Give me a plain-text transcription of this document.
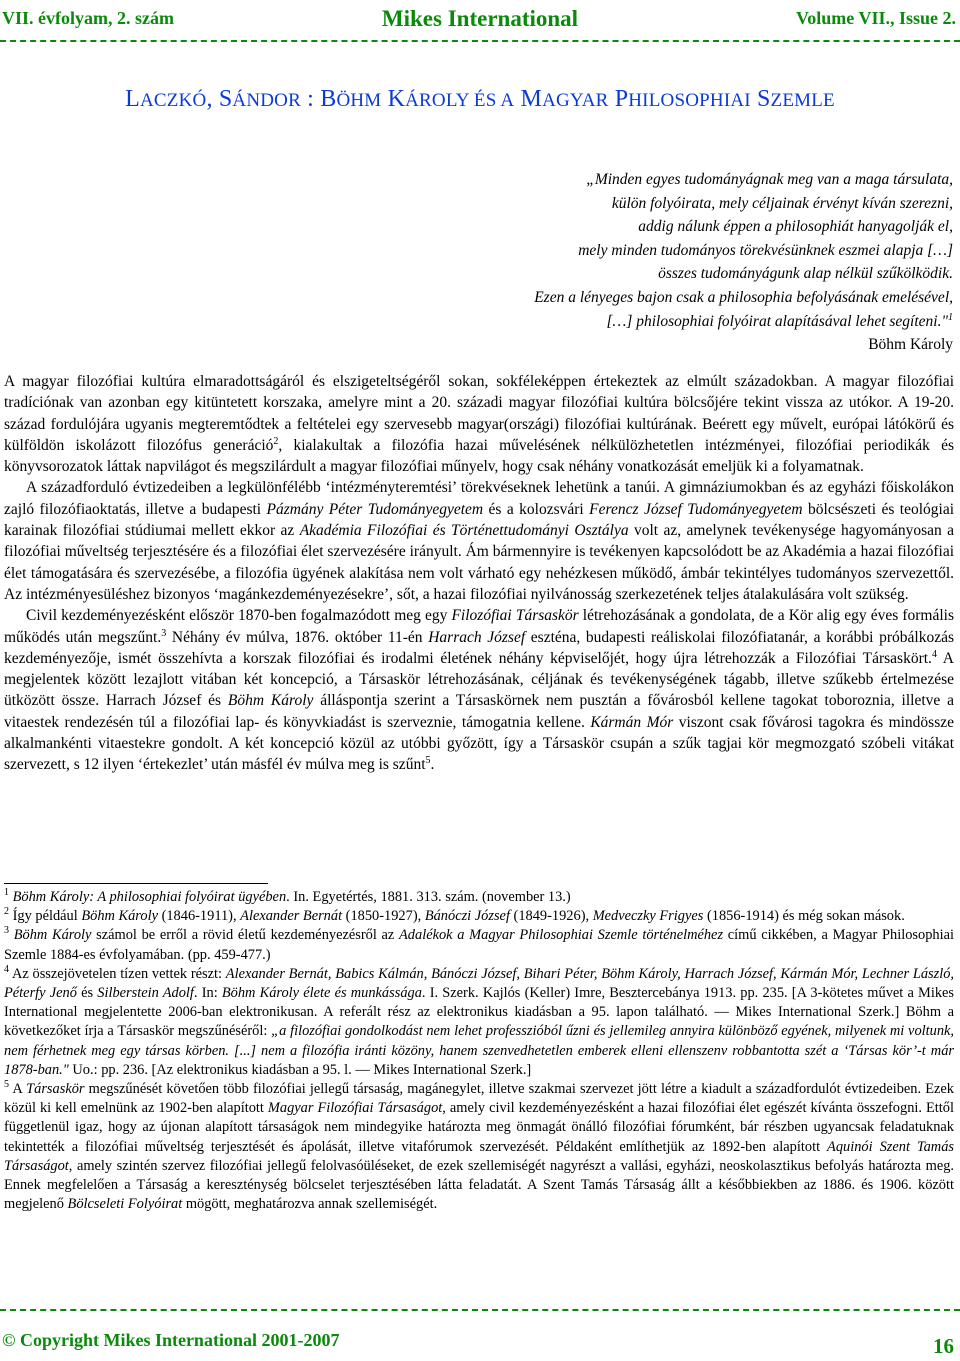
VII. évfolyam, 2. szám	Mikes International	Volume VII., Issue 2.
LACZKÓ, SÁNDOR : BÖHM KÁROLY ÉS A MAGYAR PHILOSOPHIAI SZEMLE
„Minden egyes tudományágnak meg van a maga társulata,
külön folyóirata, mely céljainak érvényt kíván szerezni,
addig nálunk éppen a philosophiát hanyagolják el,
mely minden tudományos törekvésünknek eszmei alapja […]
összes tudományágunk alap nélkül szűkölködik.
Ezen a lényeges bajon csak a philosophia befolyásának emelésével,
[…] philosophiai folyóirat alapításával lehet segíteni."$^1$
Böhm Károly

A magyar filozófiai kultúra elmaradottságáról és elszigeteltségéről sokan, sokféleképpen értekeztek az elmúlt századokban. A magyar filozófiai tradíciónak van azonban egy kitüntetett korszaka, amelyre mint a 20. századi magyar filozófiai kultúra bölcsőjére tekint vissza az utókor. A 19-20. század fordulójára ugyanis megteremtődtek a feltételei egy szervesebb magyar(országi) filozófiai kultúrának. Beérett egy művelt, európai látókörű és külföldön iskolázott filozófus generáció$^2$, kialakultak a filozófia hazai művelésének nélkülözhetetlen intézményei, filozófiai periodikák és könyvsorozatok láttak napvilágot és megszilárdult a magyar filozófiai műnyelv, hogy csak néhány vonatkozását emeljük ki a folyamatnak.

A századforduló évtizedeiben a legkülönfélébb ʻintézményteremtési’ törekvéseknek lehetünk a tanúi. A gimnáziumokban és az egyházi főiskolákon zajló filozófiaoktatás, illetve a budapesti Pázmány Péter Tudományegyetem és a kolozsvári Ferencz József Tudományegyetem bölcsészeti és teológiai karainak filozófiai stúdiumai mellett ekkor az Akadémia Filozófiai és Történettudományi Osztálya volt az, amelynek tevékenysége hagyományosan a filozófiai műveltség terjesztésére és a filozófiai élet szervezésére irányult. Ám bármennyire is tevékenyen kapcsolódott be az Akadémia a hazai filozófiai élet támogatására és szervezésébe, a filozófia ügyének alakítása nem volt várható egy nehézkesen működő, ámbár tekintélyes tudományos szervezettől. Az intézményesüléshez bizonyos ʻmagánkezdeményezésekre’, sőt, a hazai filozófiai nyilvánosság szerkezetének teljes átalakulására volt szükség.

Civil kezdeményezésként először 1870-ben fogalmazódott meg egy Filozófiai Társaskör létrehozásának a gondolata, de a Kör alig egy éves formális működés után megszűnt.$^3$ Néhány év múlva, 1876. október 11-én Harrach József eszténa, budapesti reáliskolai filozófiatanár, a korábbi próbálkozás kezdeményezője, ismét összehívta a korszak filozófiai és irodalmi életének néhány képviselőjét, hogy újra létrehozzák a Filozófiai Társaskört.$^4$ A megjelentek között lezajlott vitában két koncepció, a Társaskör létrehozásának, céljának és tevékenységének tágabb, illetve szűkebb értelmezése ütközött össze. Harrach József és Böhm Károly álláspontja szerint a Társaskörnek nem pusztán a fővárosból kellene tagokat toboroznia, illetve a vitaestek rendezésén túl a filozófiai lap- és könyvkiadást is szerveznie, támogatnia kellene. Kármán Mór viszont csak fővárosi tagokra és mindössze alkalmankénti vitaestekre gondolt. A két koncepció közül az utóbbi győzött, így a Társaskör csupán a szűk tagjai kör megmozgató szóbeli vitákat szervezett, s 12 ilyen ʻértekezlet’ után másfél év múlva meg is szűnt$^5$.

$^1$ Böhm Károly: A philosophiai folyóirat ügyében. In. Egyetértés, 1881. 313. szám. (november 13.)

$^2$ Így például Böhm Károly (1846-1911), Alexander Bernát (1850-1927), Bánóczi József (1849-1926), Medveczky Frigyes (1856-1914) és még sokan mások.

$^3$ Böhm Károly számol be erről a rövid életű kezdeményezésről az Adalékok a Magyar Philosophiai Szemle történelméhez című cikkében, a Magyar Philosophiai Szemle 1884-es évfolyamában. (pp. 459-477.)

$^4$ Az összejövetelen tízen vettek részt: Alexander Bernát, Babics Kálmán, Bánóczi József, Bihari Péter, Böhm Károly, Harrach József, Kármán Mór, Lechner László, Péterfy Jenő és Silberstein Adolf. In: Böhm Károly élete és munkássága. I. Szerk. Kajlós (Keller) Imre, Besztercebánya 1913. pp. 235. [A 3-kötetes művet a Mikes International megjelentette 2006-ban elektronikusan. A referált rész az elektronikus kiadásban a 95. lapon található. — Mikes International Szerk.] Böhm a következőket írja a Társaskör megszűnéséről: „a filozófiai gondolkodást nem lehet professzióból űzni és jellemileg annyira különböző egyének, milyenek mi voltunk, nem férhetnek meg egy társas körben. [...] nem a filozófia iránti közöny, hanem szenvedhetetlen emberek elleni ellenszenv robbantotta szét a ʻTársas kör’-t már 1878-ban." Uo.: pp. 236. [Az elektronikus kiadásban a 95. l. — Mikes International Szerk.]

$^5$ A Társaskör megszűnését követően több filozófiai jellegű társaság, magánegylet, illetve szakmai szervezet jött létre a kiadult a századfordulót évtizedeiben. Ezek közül ki kell emelnünk az 1902-ben alapított Magyar Filozófiai Társaságot, amely civil kezdeményezésként a hazai filozófiai élet egészét kívánta összefogni. Ettől függetlenül igaz, hogy az újonan alapított társaságok nem mindegyike határozta meg önmagát önálló filozófiai fórumként, bár részben ugyancsak feladatuknak tekintették a filozófiai műveltség terjesztését és ápolását, illetve vitafórumok szervezését. Példaként említhetjük az 1892-ben alapított Aquinói Szent Tamás Társaságot, amely szintén szervez filozófiai jellegű felolvasóüléseket, de ezek szellemiségét nagyrészt a vallási, egyházi, neoskolasztikus befolyás határozta meg. Ennek megfelelően a Társaság a kereszténység bölcselet terjesztésében látta feladatát. A Szent Tamás Társaság állt a későbbiekben az 1886. és 1906. között megjelenő Bölcseleti Folyóirat mögött, meghatározva annak szellemiségét.

© Copyright Mikes International 2001-2007	16
